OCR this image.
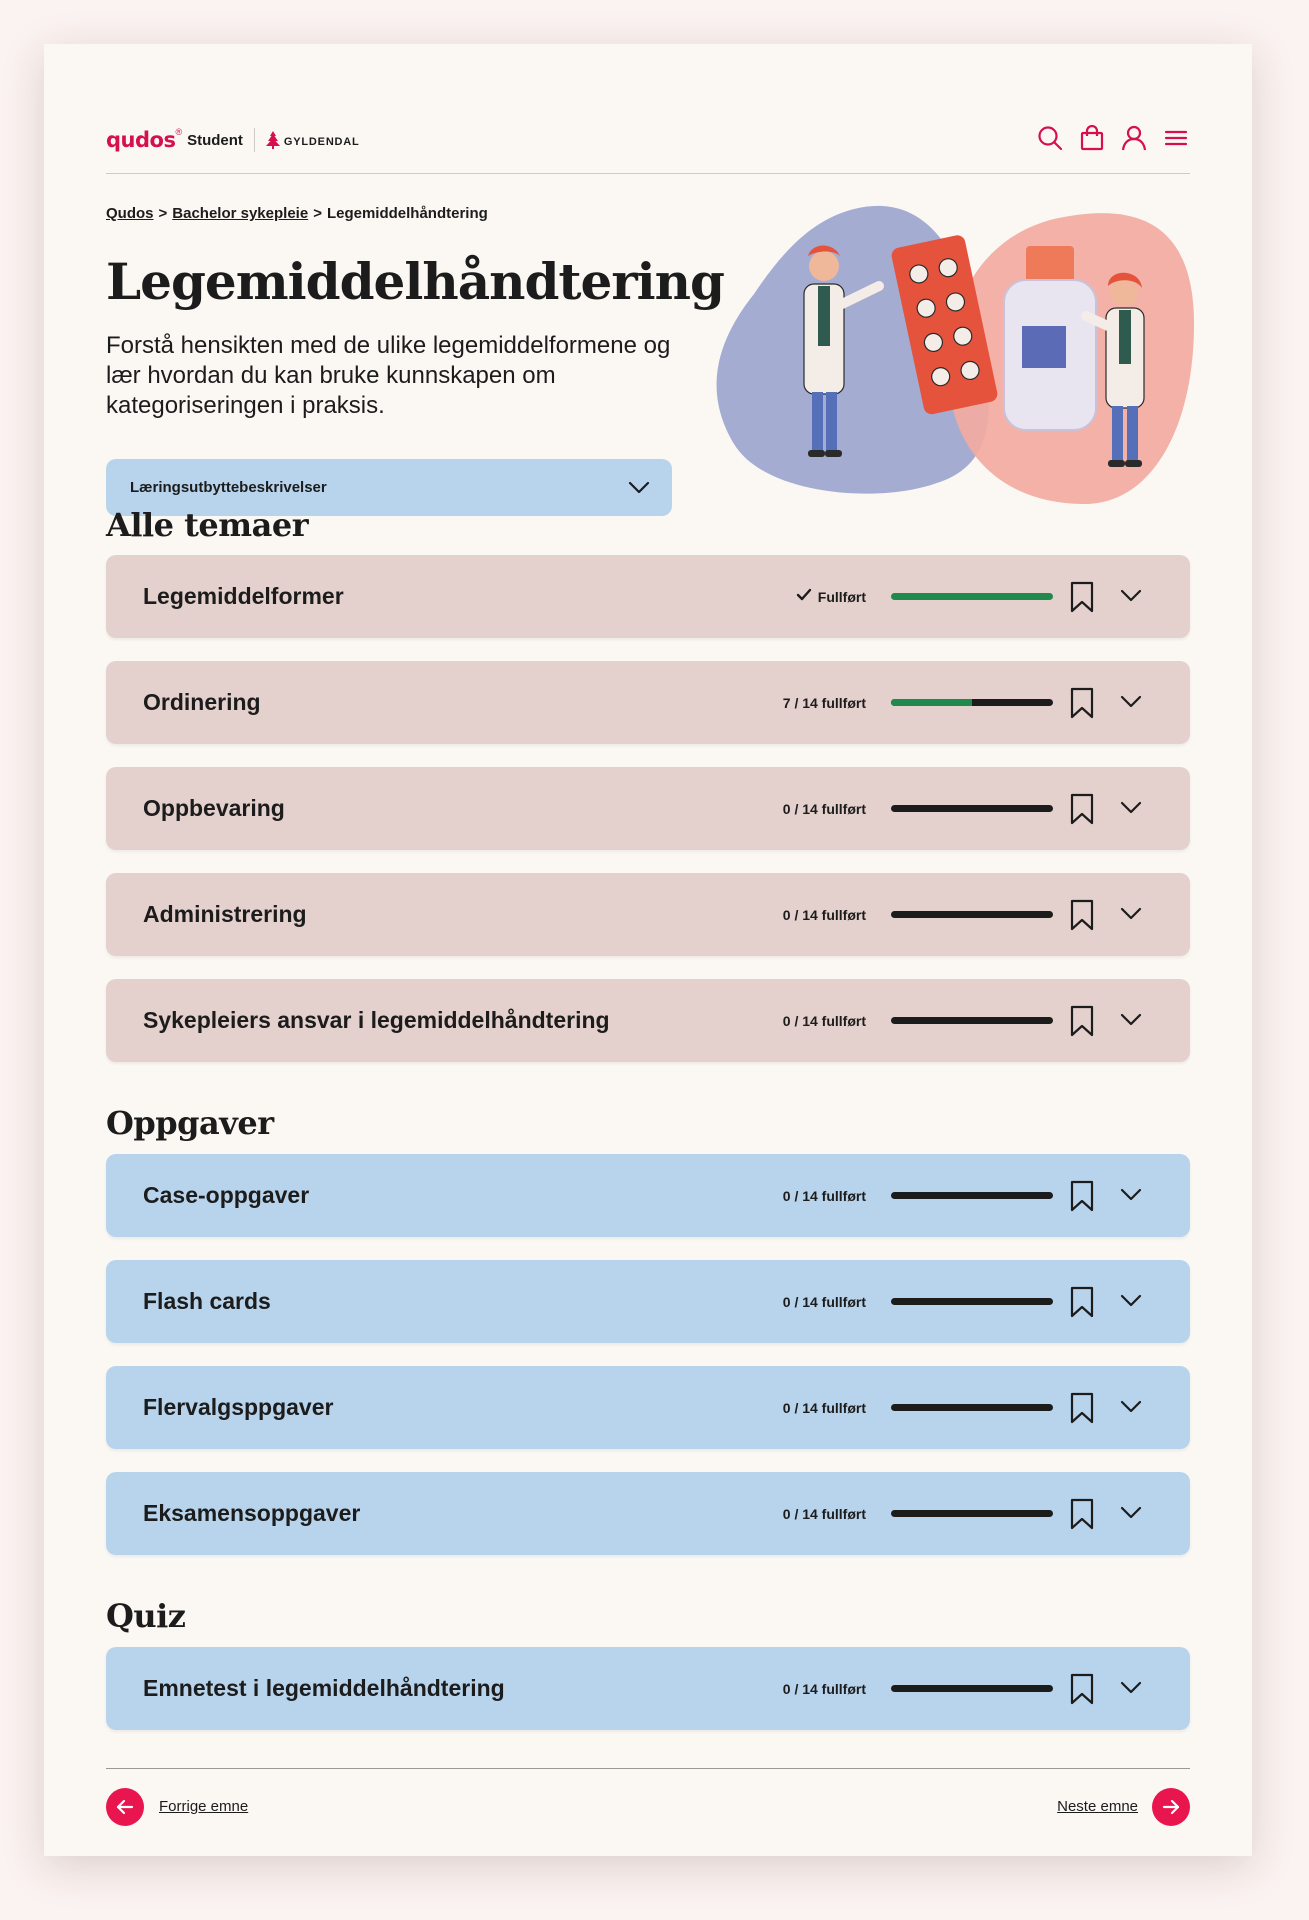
qudos ® Student	GYLDENDAL
Qudos > Bachelor sykepleie > Legemiddelhåndtering
Legemiddelhåndtering

Forstå hensikten med de ulike legemiddelformene og lær hvordan du kan bruke kunnskapen om kategoriseringen i praksis.

Læringsutbyttebeskrivelser
Alle temaer
Legemiddelformer	Fullført
Ordinering	7 / 14 fullført
Oppbevaring	0 / 14 fullført
Administrering	0 / 14 fullført
Sykepleiers ansvar i legemiddelhåndtering	0 / 14 fullført
Oppgaver
Case-oppgaver	0 / 14 fullført
Flash cards	0 / 14 fullført
Flervalgsppgaver	0 / 14 fullført
Eksamensoppgaver	0 / 14 fullført
Quiz
Emnetest i legemiddelhåndtering	0 / 14 fullført
Forrige emne	Neste emne
